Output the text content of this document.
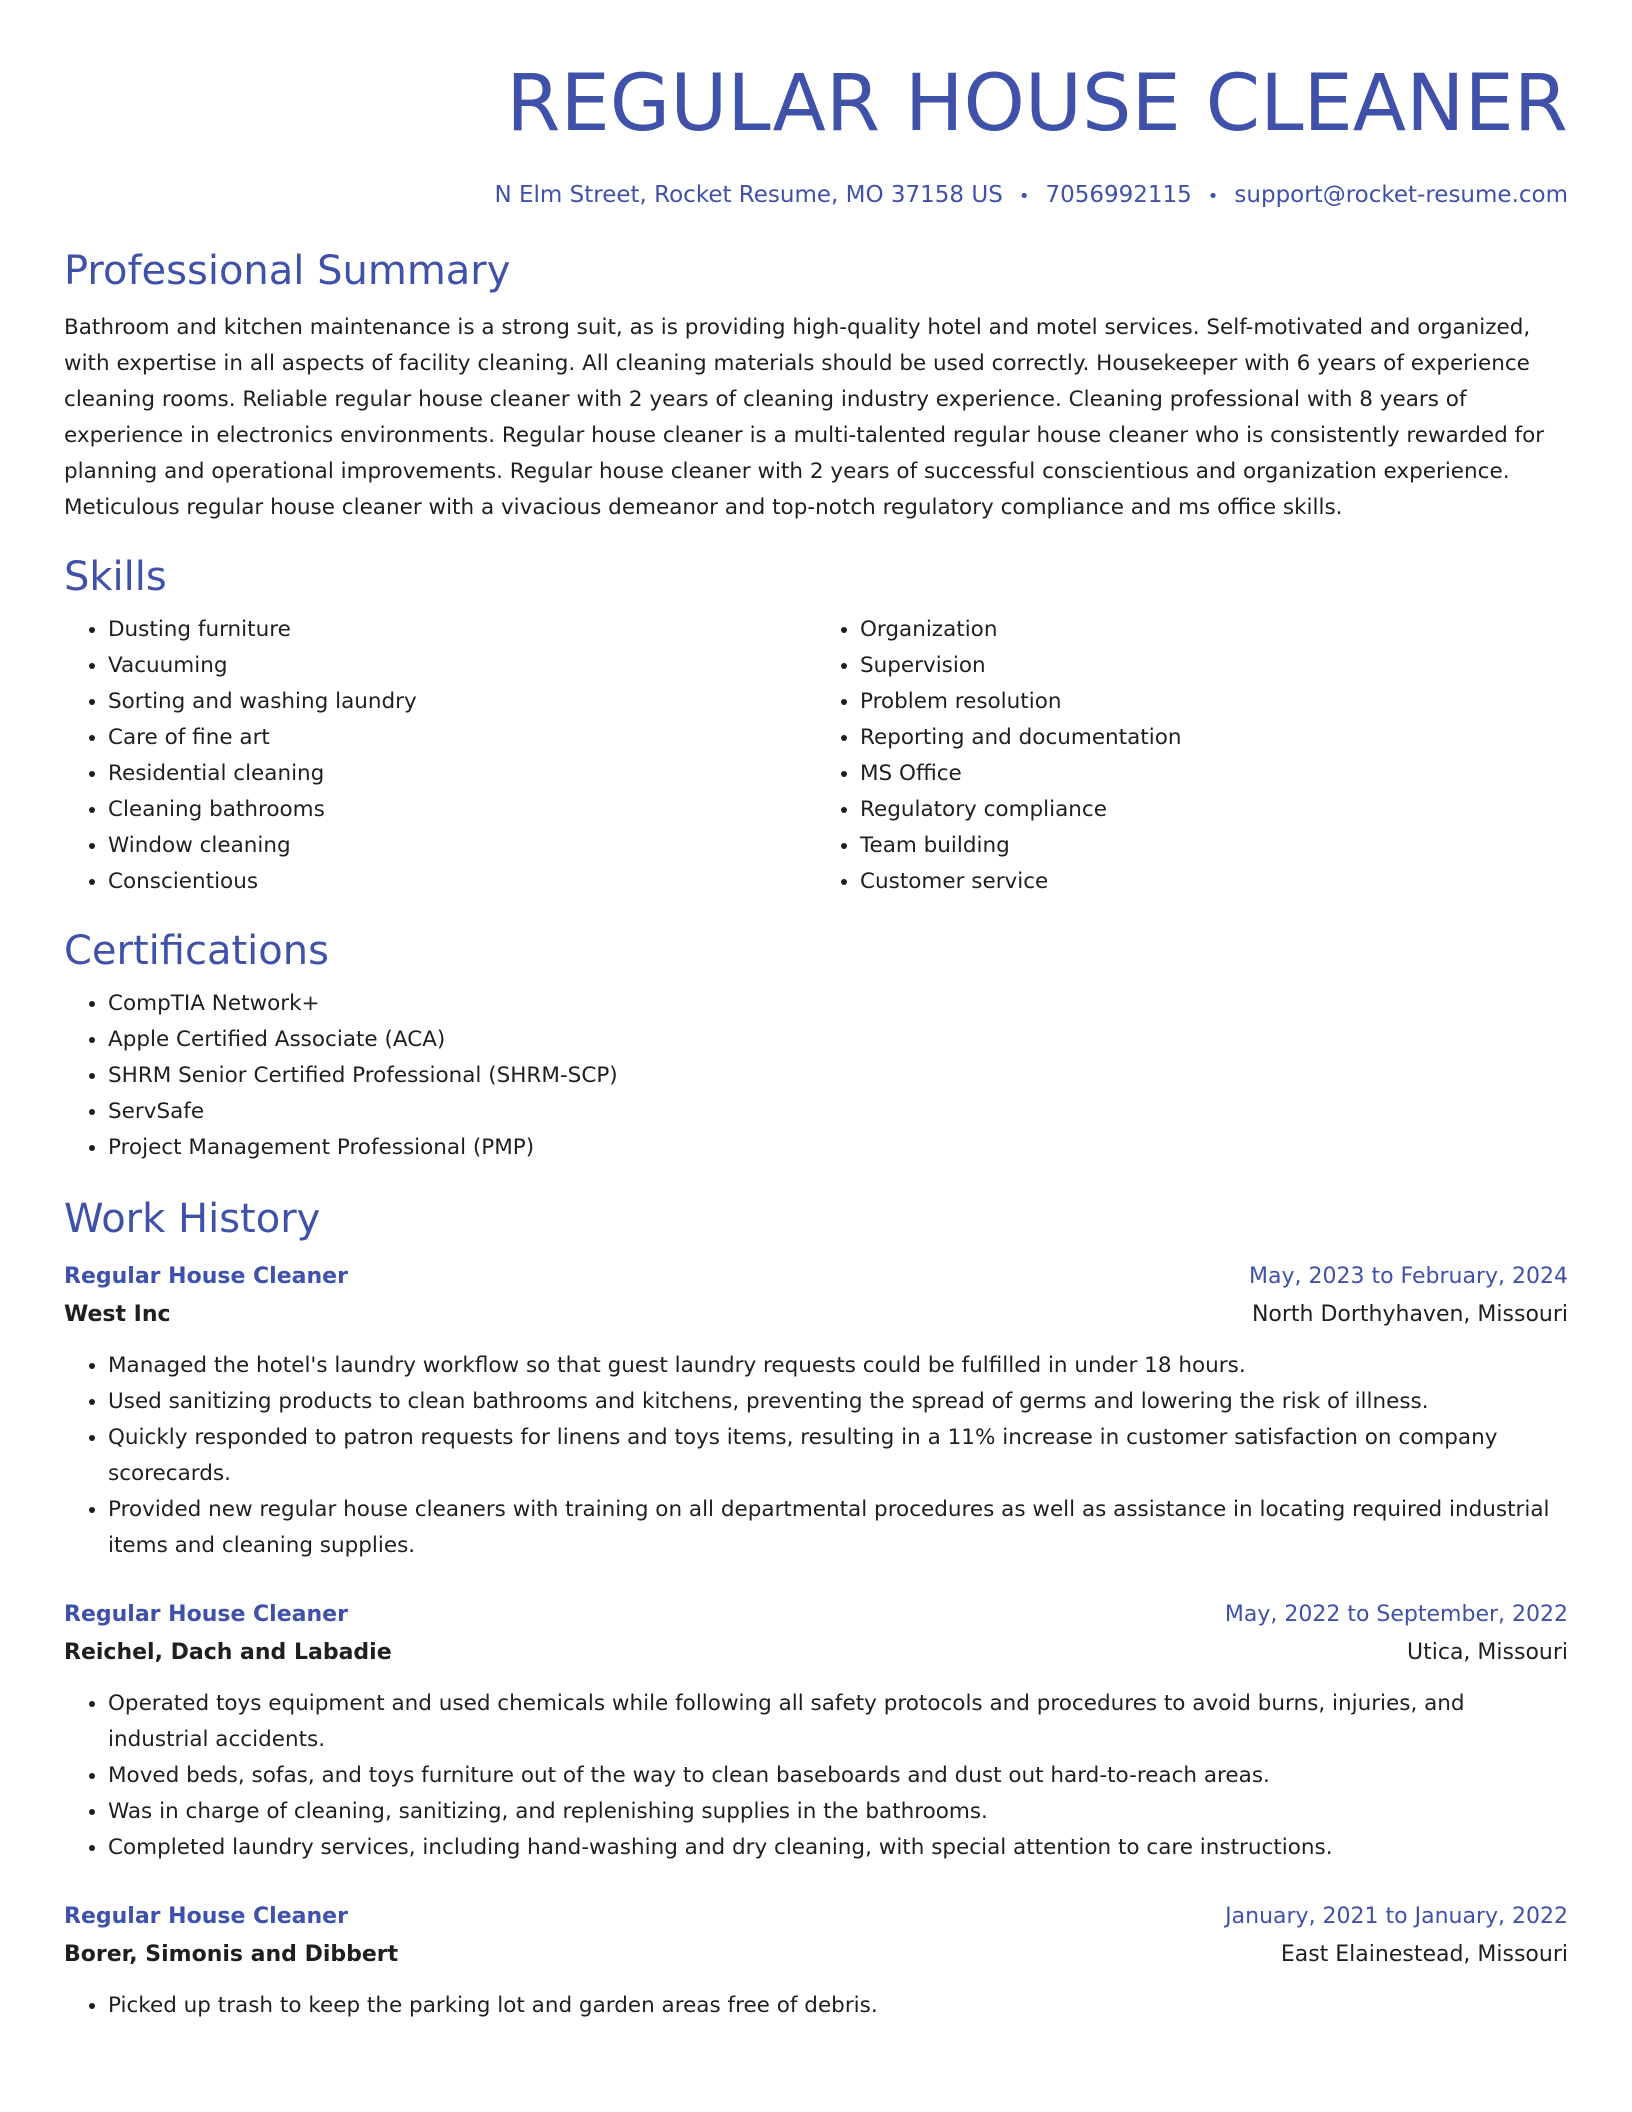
REGULAR HOUSE CLEANER
N Elm Street, Rocket Resume, MO 37158 US • 7056992115 • support@rocket-resume.com
Professional Summary
Bathroom and kitchen maintenance is a strong suit, as is providing high-quality hotel and motel services. Self-motivated and organized, with expertise in all aspects of facility cleaning. All cleaning materials should be used correctly. Housekeeper with 6 years of experience cleaning rooms. Reliable regular house cleaner with 2 years of cleaning industry experience. Cleaning professional with 8 years of experience in electronics environments. Regular house cleaner is a multi-talented regular house cleaner who is consistently rewarded for planning and operational improvements. Regular house cleaner with 2 years of successful conscientious and organization experience. Meticulous regular house cleaner with a vivacious demeanor and top-notch regulatory compliance and ms office skills.
Skills
• Dusting furniture
• Vacuuming
• Sorting and washing laundry
• Care of fine art
• Residential cleaning
• Cleaning bathrooms
• Window cleaning
• Conscientious
• Organization
• Supervision
• Problem resolution
• Reporting and documentation
• MS Office
• Regulatory compliance
• Team building
• Customer service
Certifications
• CompTIA Network+
• Apple Certified Associate (ACA)
• SHRM Senior Certified Professional (SHRM-SCP)
• ServSafe
• Project Management Professional (PMP)
Work History
Regular House Cleaner	May, 2023 to February, 2024
West Inc	North Dorthyhaven, Missouri
• Managed the hotel's laundry workflow so that guest laundry requests could be fulfilled in under 18 hours.
• Used sanitizing products to clean bathrooms and kitchens, preventing the spread of germs and lowering the risk of illness.
• Quickly responded to patron requests for linens and toys items, resulting in a 11% increase in customer satisfaction on company scorecards.
• Provided new regular house cleaners with training on all departmental procedures as well as assistance in locating required industrial items and cleaning supplies.
Regular House Cleaner	May, 2022 to September, 2022
Reichel, Dach and Labadie	Utica, Missouri
• Operated toys equipment and used chemicals while following all safety protocols and procedures to avoid burns, injuries, and industrial accidents.
• Moved beds, sofas, and toys furniture out of the way to clean baseboards and dust out hard-to-reach areas.
• Was in charge of cleaning, sanitizing, and replenishing supplies in the bathrooms.
• Completed laundry services, including hand-washing and dry cleaning, with special attention to care instructions.
Regular House Cleaner	January, 2021 to January, 2022
Borer, Simonis and Dibbert	East Elainestead, Missouri
• Picked up trash to keep the parking lot and garden areas free of debris.
